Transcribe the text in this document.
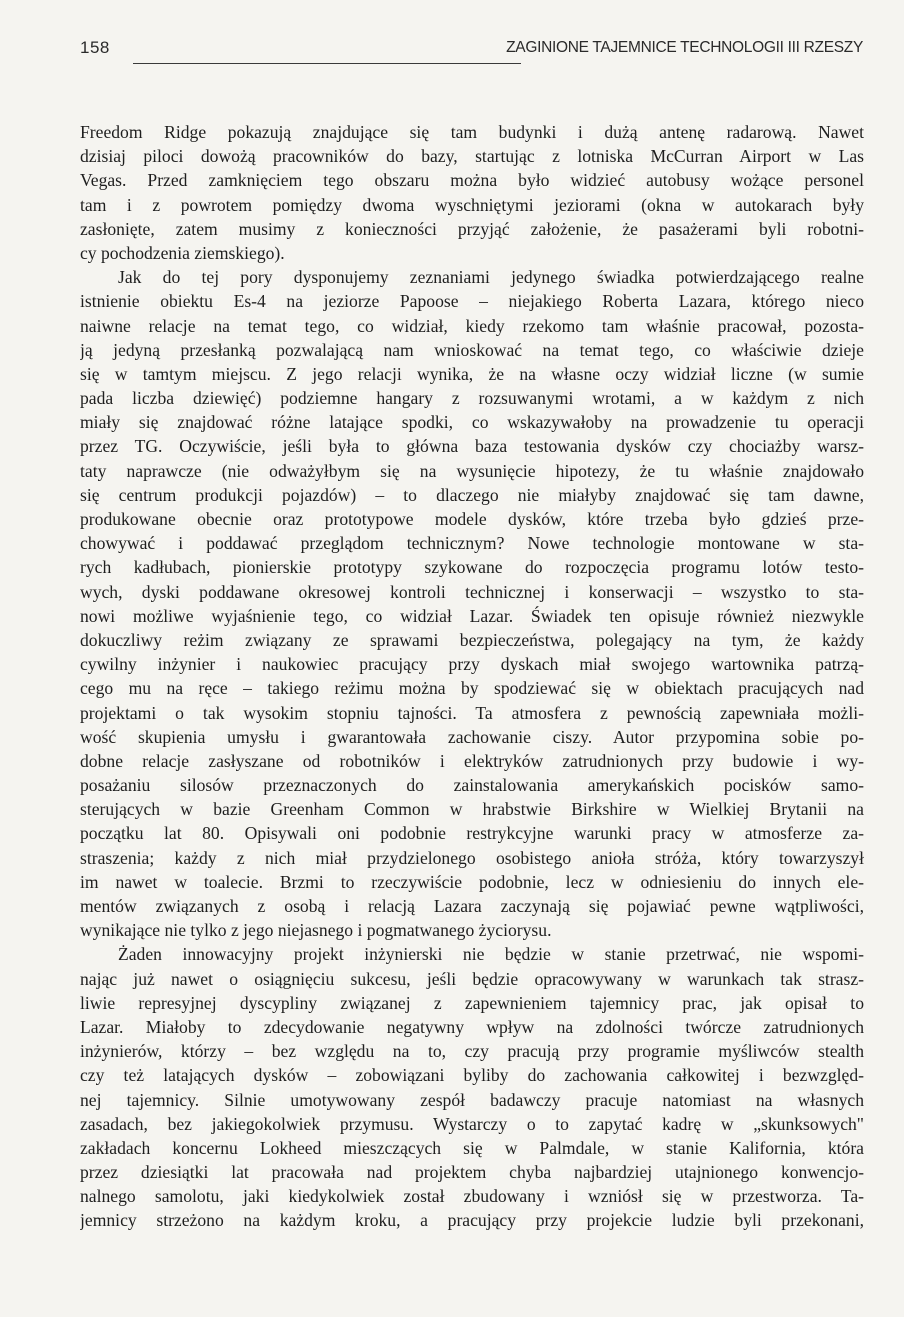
158	ZAGINIONE TAJEMNICE TECHNOLOGII III RZESZY
Freedom Ridge pokazują znajdujące się tam budynki i dużą antenę radarową. Nawet
dzisiaj piloci dowożą pracowników do bazy, startując z lotniska McCurran Airport w Las
Vegas. Przed zamknięciem tego obszaru można było widzieć autobusy wożące personel
tam i z powrotem pomiędzy dwoma wyschniętymi jeziorami (okna w autokarach były
zasłonięte, zatem musimy z konieczności przyjąć założenie, że pasażerami byli robotni-
cy pochodzenia ziemskiego).
Jak do tej pory dysponujemy zeznaniami jedynego świadka potwierdzającego realne
istnienie obiektu Es-4 na jeziorze Papoose – niejakiego Roberta Lazara, którego nieco
naiwne relacje na temat tego, co widział, kiedy rzekomo tam właśnie pracował, pozosta-
ją jedyną przesłanką pozwalającą nam wnioskować na temat tego, co właściwie dzieje
się w tamtym miejscu. Z jego relacji wynika, że na własne oczy widział liczne (w sumie
pada liczba dziewięć) podziemne hangary z rozsuwanymi wrotami, a w każdym z nich
miały się znajdować różne latające spodki, co wskazywałoby na prowadzenie tu operacji
przez TG. Oczywiście, jeśli była to główna baza testowania dysków czy chociażby warsz-
taty naprawcze (nie odważyłbym się na wysunięcie hipotezy, że tu właśnie znajdowało
się centrum produkcji pojazdów) – to dlaczego nie miałyby znajdować się tam dawne,
produkowane obecnie oraz prototypowe modele dysków, które trzeba było gdzieś prze-
chowywać i poddawać przeglądom technicznym? Nowe technologie montowane w sta-
rych kadłubach, pionierskie prototypy szykowane do rozpoczęcia programu lotów testo-
wych, dyski poddawane okresowej kontroli technicznej i konserwacji – wszystko to sta-
nowi możliwe wyjaśnienie tego, co widział Lazar. Świadek ten opisuje również niezwykle
dokuczliwy reżim związany ze sprawami bezpieczeństwa, polegający na tym, że każdy
cywilny inżynier i naukowiec pracujący przy dyskach miał swojego wartownika patrzą-
cego mu na ręce – takiego reżimu można by spodziewać się w obiektach pracujących nad
projektami o tak wysokim stopniu tajności. Ta atmosfera z pewnością zapewniała możli-
wość skupienia umysłu i gwarantowała zachowanie ciszy. Autor przypomina sobie po-
dobne relacje zasłyszane od robotników i elektryków zatrudnionych przy budowie i wy-
posażaniu silosów przeznaczonych do zainstalowania amerykańskich pocisków samo-
sterujących w bazie Greenham Common w hrabstwie Birkshire w Wielkiej Brytanii na
początku lat 80. Opisywali oni podobnie restrykcyjne warunki pracy w atmosferze za-
straszenia; każdy z nich miał przydzielonego osobistego anioła stróża, który towarzyszył
im nawet w toalecie. Brzmi to rzeczywiście podobnie, lecz w odniesieniu do innych ele-
mentów związanych z osobą i relacją Lazara zaczynają się pojawiać pewne wątpliwości,
wynikające nie tylko z jego niejasnego i pogmatwanego życiorysu.
Żaden innowacyjny projekt inżynierski nie będzie w stanie przetrwać, nie wspomi-
nając już nawet o osiągnięciu sukcesu, jeśli będzie opracowywany w warunkach tak strasz-
liwie represyjnej dyscypliny związanej z zapewnieniem tajemnicy prac, jak opisał to
Lazar. Miałoby to zdecydowanie negatywny wpływ na zdolności twórcze zatrudnionych
inżynierów, którzy – bez względu na to, czy pracują przy programie myśliwców stealth
czy też latających dysków – zobowiązani byliby do zachowania całkowitej i bezwzględ-
nej tajemnicy. Silnie umotywowany zespół badawczy pracuje natomiast na własnych
zasadach, bez jakiegokolwiek przymusu. Wystarczy o to zapytać kadrę w „skunksowych"
zakładach koncernu Lokheed mieszczących się w Palmdale, w stanie Kalifornia, która
przez dziesiątki lat pracowała nad projektem chyba najbardziej utajnionego konwencjo-
nalnego samolotu, jaki kiedykolwiek został zbudowany i wzniósł się w przestworza. Ta-
jemnicy strzeżono na każdym kroku, a pracujący przy projekcie ludzie byli przekonani,
